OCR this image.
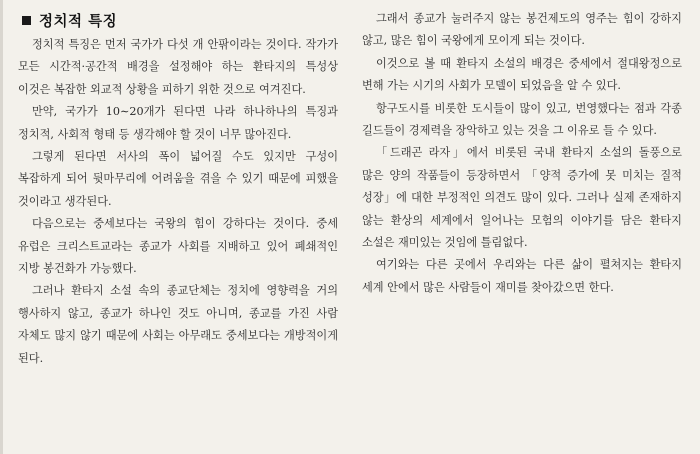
정치적 특징

정치적 특징은 먼저 국가가 다섯 개 안팎이라는 것이다. 작가가 모든 시간적·공간적 배경을 설정해야 하는 환타지의 특성상 이것은 복잡한 외교적 상황을 피하기 위한 것으로 여겨진다.

만약, 국가가 10∼20개가 된다면 나라 하나하나의 특징과 정치적, 사회적 형태 등 생각해야 할 것이 너무 많아진다.

그렇게 된다면 서사의 폭이 넓어질 수도 있지만 구성이 복잡하게 되어 뒷마무리에 어려움을 겪을 수 있기 때문에 피했을 것이라고 생각된다.

다음으로는 중세보다는 국왕의 힘이 강하다는 것이다. 중세 유럽은 크리스트교라는 종교가 사회를 지배하고 있어 폐쇄적인 지방 봉건화가 가능했다.

그러나 환타지 소설 속의 종교단체는 정치에 영향력을 거의 행사하지 않고, 종교가 하나인 것도 아니며, 종교를 가진 사람 자체도 많지 않기 때문에 사회는 아무래도 중세보다는 개방적이게 된다.

그래서 종교가 눌러주지 않는 봉건제도의 영주는 힘이 강하지 않고, 많은 힘이 국왕에게 모이게 되는 것이다.

이것으로 볼 때 환타지 소설의 배경은 중세에서 절대왕정으로 변해 가는 시기의 사회가 모델이 되었음을 알 수 있다.

항구도시를 비롯한 도시들이 많이 있고, 번영했다는 점과 각종 길드들이 경제력을 장악하고 있는 것을 그 이유로 들 수 있다.

「드래곤 라자」에서 비롯된 국내 환타지 소설의 돌풍으로 많은 양의 작품들이 등장하면서 「양적 증가에 못 미치는 질적 성장」에 대한 부정적인 의견도 많이 있다. 그러나 실제 존재하지 않는 환상의 세계에서 일어나는 모험의 이야기를 담은 환타지 소설은 재미있는 것임에 틀림없다.

여기와는 다른 곳에서 우리와는 다른 삶이 펼쳐지는 환타지 세계 안에서 많은 사람들이 재미를 찾아갔으면 한다.
